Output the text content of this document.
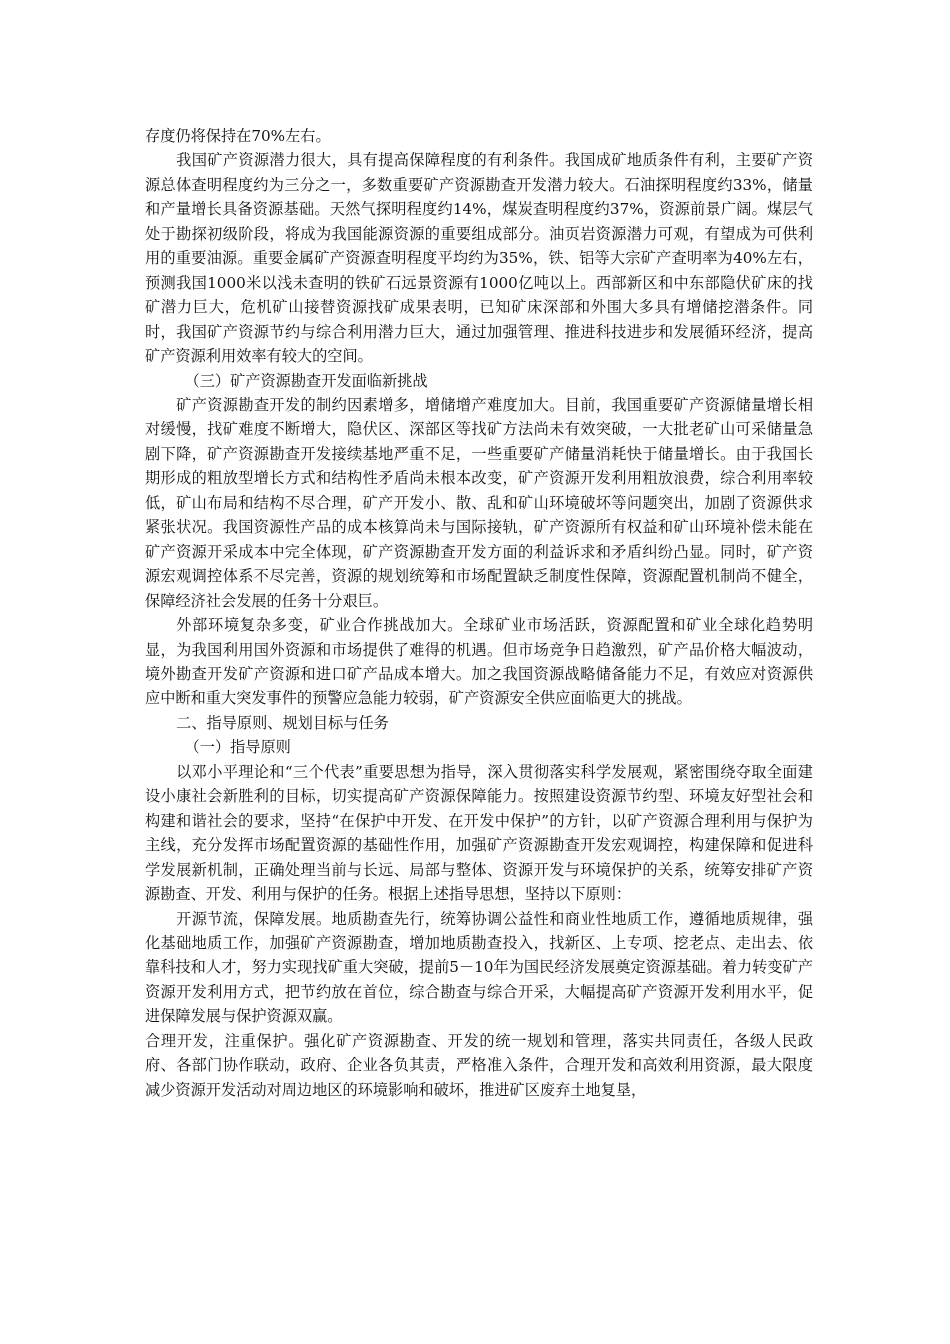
存度仍将保持在70%左右。

我国矿产资源潜力很大，具有提高保障程度的有利条件。我国成矿地质条件有利，主要矿产资源总体查明程度约为三分之一，多数重要矿产资源勘查开发潜力较大。石油探明程度约33%，储量和产量增长具备资源基础。天然气探明程度约14%，煤炭查明程度约37%，资源前景广阔。煤层气处于勘探初级阶段，将成为我国能源资源的重要组成部分。油页岩资源潜力可观，有望成为可供利用的重要油源。重要金属矿产资源查明程度平均约为35%，铁、铝等大宗矿产查明率为40%左右，预测我国1000米以浅未查明的铁矿石远景资源有1000亿吨以上。西部新区和中东部隐伏矿床的找矿潜力巨大，危机矿山接替资源找矿成果表明，已知矿床深部和外围大多具有增储挖潜条件。同时，我国矿产资源节约与综合利用潜力巨大，通过加强管理、推进科技进步和发展循环经济，提高矿产资源利用效率有较大的空间。

（三）矿产资源勘查开发面临新挑战

矿产资源勘查开发的制约因素增多，增储增产难度加大。目前，我国重要矿产资源储量增长相对缓慢，找矿难度不断增大，隐伏区、深部区等找矿方法尚未有效突破，一大批老矿山可采储量急剧下降，矿产资源勘查开发接续基地严重不足，一些重要矿产储量消耗快于储量增长。由于我国长期形成的粗放型增长方式和结构性矛盾尚未根本改变，矿产资源开发利用粗放浪费，综合利用率较低，矿山布局和结构不尽合理，矿产开发小、散、乱和矿山环境破坏等问题突出，加剧了资源供求紧张状况。我国资源性产品的成本核算尚未与国际接轨，矿产资源所有权益和矿山环境补偿未能在矿产资源开采成本中完全体现，矿产资源勘查开发方面的利益诉求和矛盾纠纷凸显。同时，矿产资源宏观调控体系不尽完善，资源的规划统筹和市场配置缺乏制度性保障，资源配置机制尚不健全，保障经济社会发展的任务十分艰巨。

外部环境复杂多变，矿业合作挑战加大。全球矿业市场活跃，资源配置和矿业全球化趋势明显，为我国利用国外资源和市场提供了难得的机遇。但市场竞争日趋激烈，矿产品价格大幅波动，境外勘查开发矿产资源和进口矿产品成本增大。加之我国资源战略储备能力不足，有效应对资源供应中断和重大突发事件的预警应急能力较弱，矿产资源安全供应面临更大的挑战。

二、指导原则、规划目标与任务

（一）指导原则

以邓小平理论和“三个代表”重要思想为指导，深入贯彻落实科学发展观，紧密围绕夺取全面建设小康社会新胜利的目标，切实提高矿产资源保障能力。按照建设资源节约型、环境友好型社会和构建和谐社会的要求，坚持“在保护中开发、在开发中保护”的方针，以矿产资源合理利用与保护为主线，充分发挥市场配置资源的基础性作用，加强矿产资源勘查开发宏观调控，构建保障和促进科学发展新机制，正确处理当前与长远、局部与整体、资源开发与环境保护的关系，统筹安排矿产资源勘查、开发、利用与保护的任务。根据上述指导思想，坚持以下原则：

开源节流，保障发展。地质勘查先行，统筹协调公益性和商业性地质工作，遵循地质规律，强化基础地质工作，加强矿产资源勘查，增加地质勘查投入，找新区、上专项、挖老点、走出去、依靠科技和人才，努力实现找矿重大突破，提前5－10年为国民经济发展奠定资源基础。着力转变矿产资源开发利用方式，把节约放在首位，综合勘查与综合开采，大幅提高矿产资源开发利用水平，促进保障发展与保护资源双赢。

合理开发，注重保护。强化矿产资源勘查、开发的统一规划和管理，落实共同责任，各级人民政府、各部门协作联动，政府、企业各负其责，严格准入条件，合理开发和高效利用资源，最大限度减少资源开发活动对周边地区的环境影响和破坏，推进矿区废弃土地复垦，
